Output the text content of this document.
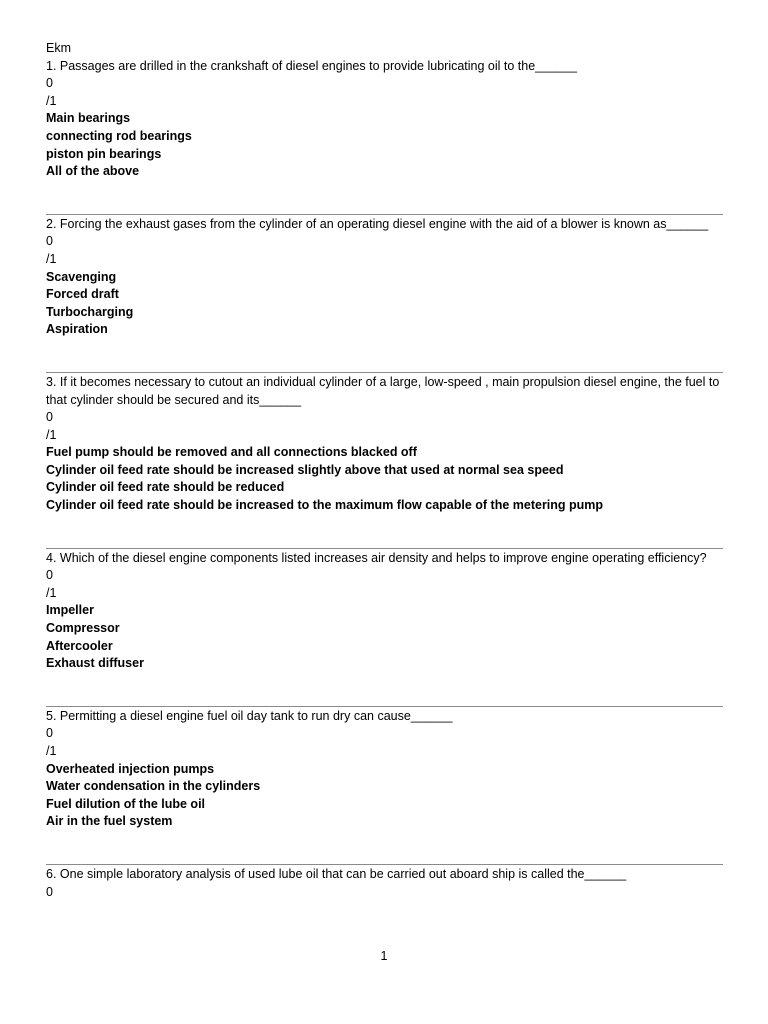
Ekm
1. Passages are drilled in the crankshaft of diesel engines to provide lubricating oil to the______
0
/1
Main bearings
connecting rod bearings
piston pin bearings
All of the above
2. Forcing the exhaust gases from the cylinder of an operating diesel engine with the aid of a blower is known as______
0
/1
Scavenging
Forced draft
Turbocharging
Aspiration
3. If it becomes necessary to cutout an individual cylinder of a large, low-speed , main propulsion diesel engine, the fuel to that cylinder should be secured and its______
0
/1
Fuel pump should be removed and all connections blacked off
Cylinder oil feed rate should be increased slightly above that used at normal sea speed
Cylinder oil feed rate should be reduced
Cylinder oil feed rate should be increased to the maximum flow capable of the metering pump
4. Which of the diesel engine components listed increases air density and helps to improve engine operating efficiency?
0
/1
Impeller
Compressor
Aftercooler
Exhaust diffuser
5. Permitting a diesel engine fuel oil day tank to run dry can cause______
0
/1
Overheated injection pumps
Water condensation in the cylinders
Fuel dilution of the lube oil
Air in the fuel system
6. One simple laboratory analysis of used lube oil that can be carried out aboard ship is called the______
0
1
